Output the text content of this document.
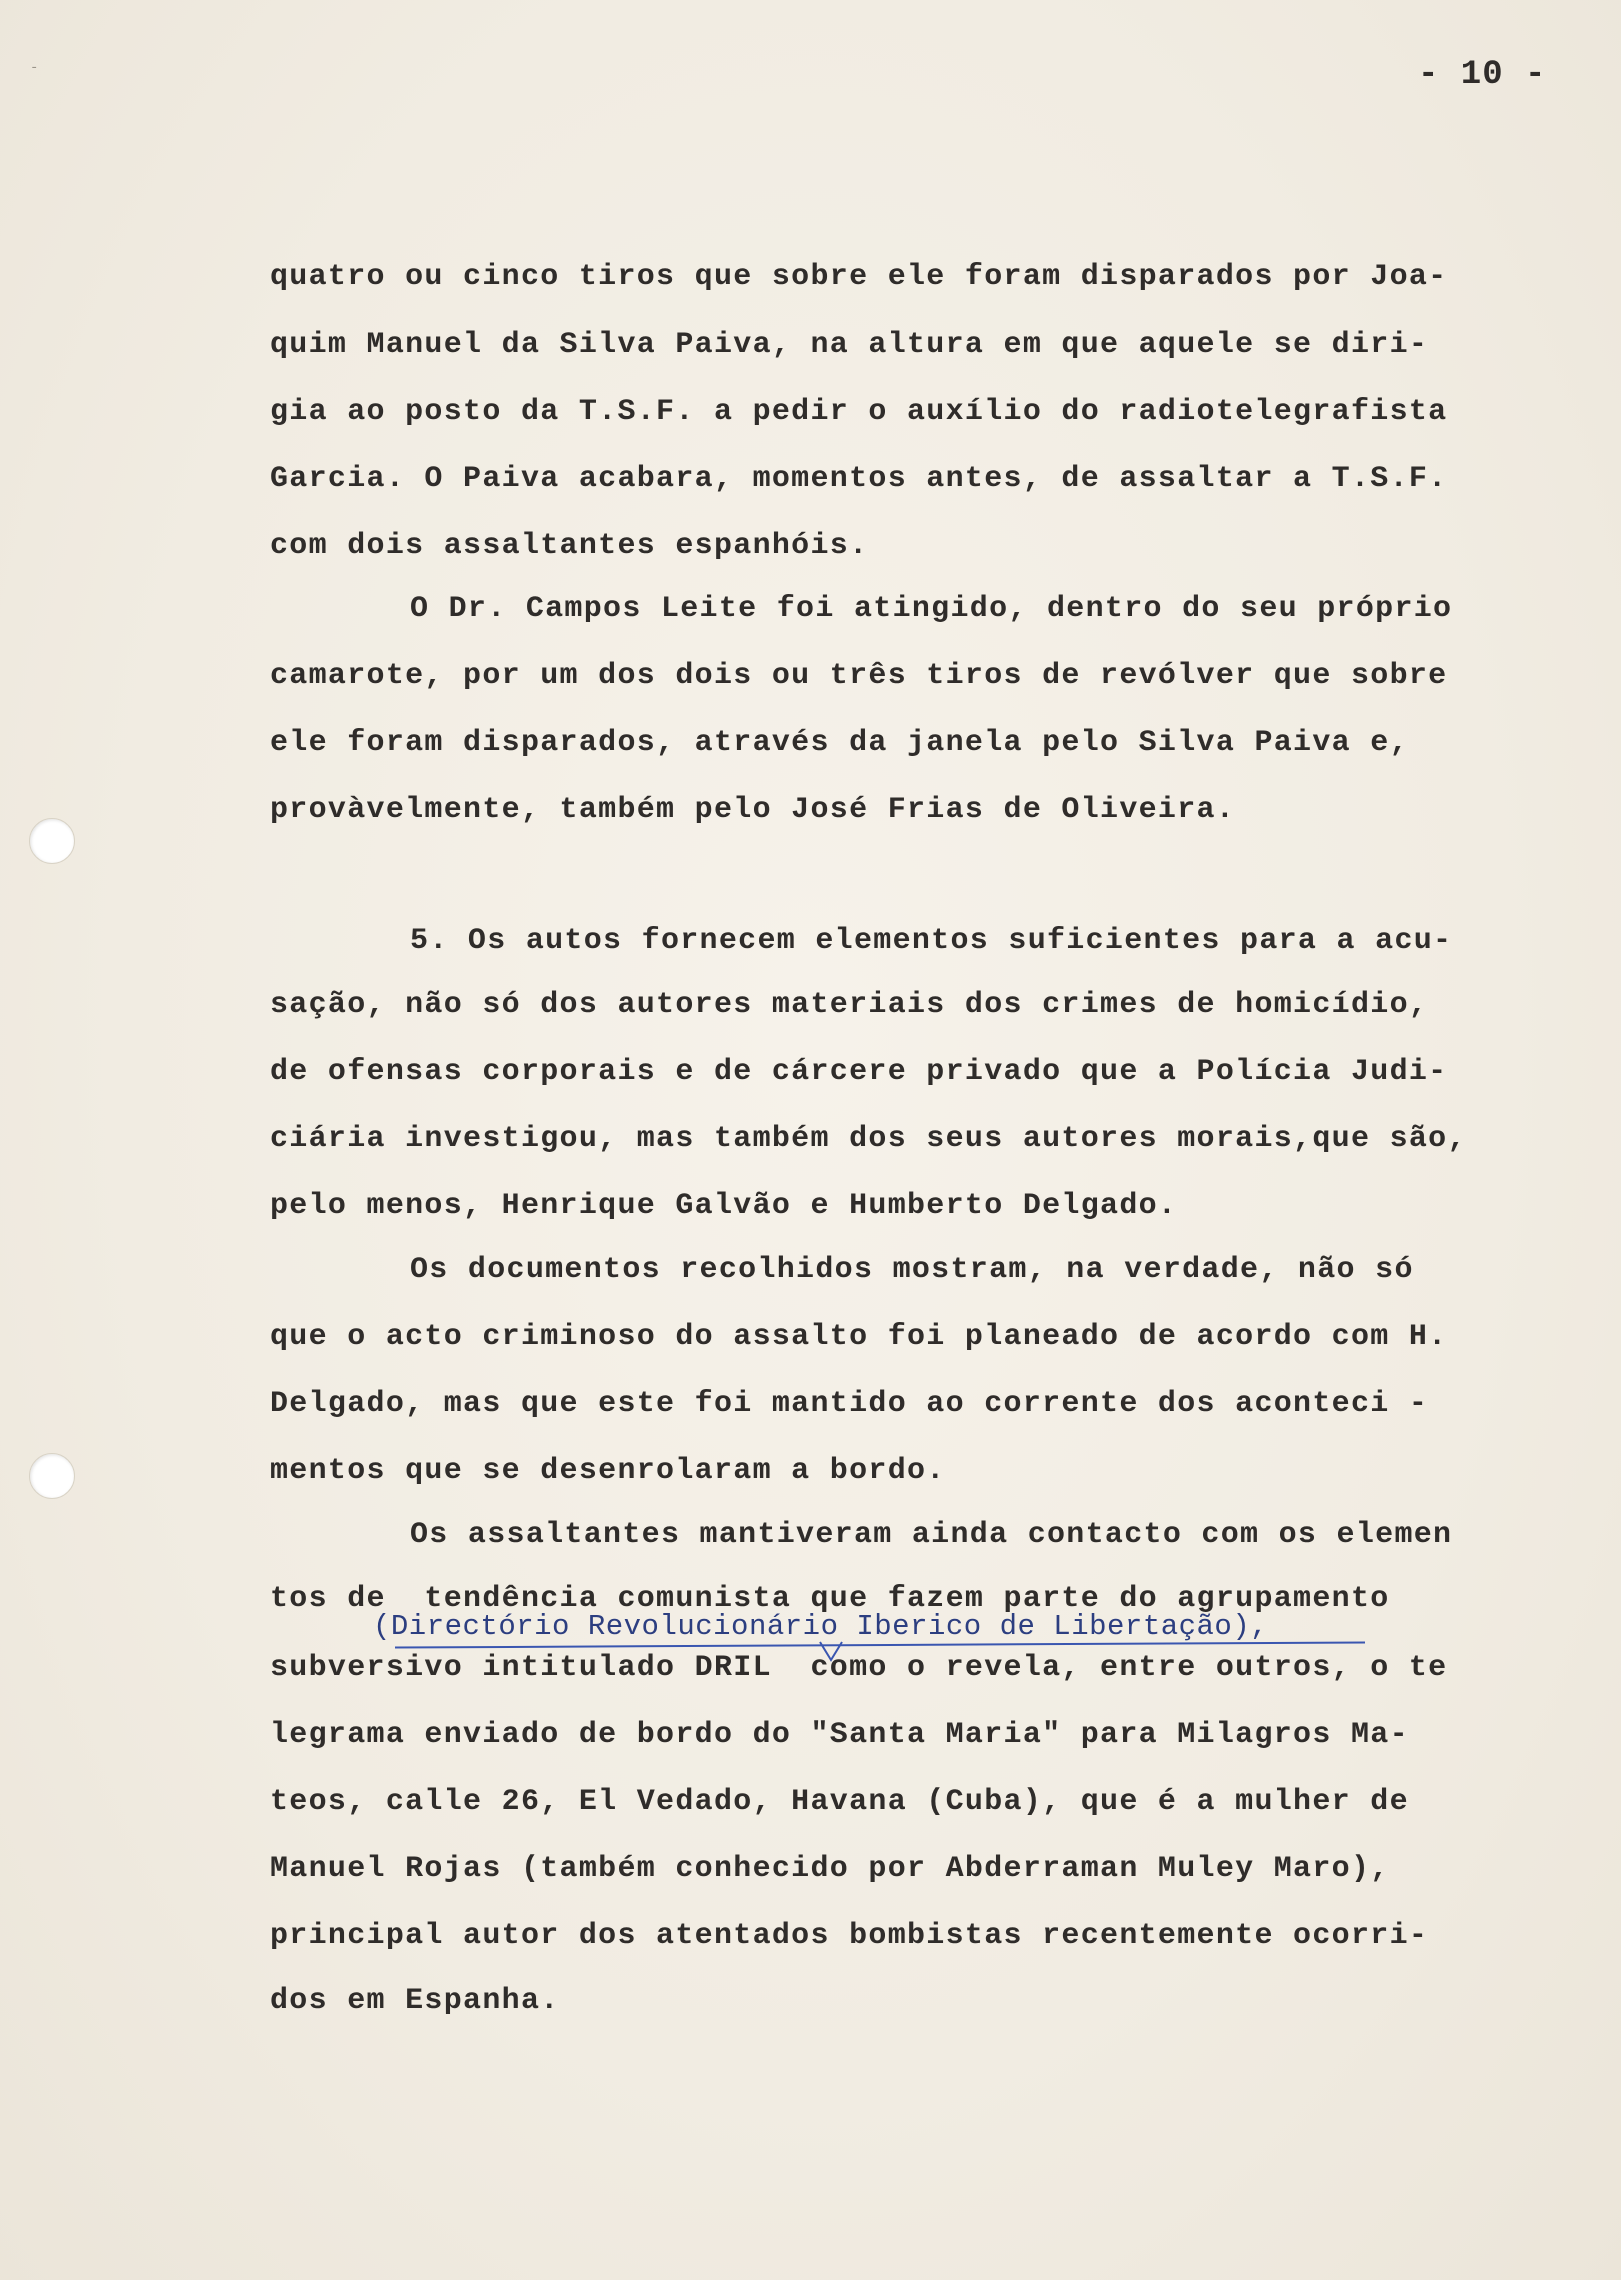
-	- 10 -
quatro ou cinco tiros que sobre ele foram disparados por Joa-
quim Manuel da Silva Paiva, na altura em que aquele se diri-
gia ao posto da T.S.F. a pedir o auxílio do radiotelegrafista
Garcia. O Paiva acabara, momentos antes, de assaltar a T.S.F.
com dois assaltantes espanhóis.
O Dr. Campos Leite foi atingido, dentro do seu próprio
camarote, por um dos dois ou três tiros de revólver que sobre
ele foram disparados, através da janela pelo Silva Paiva e,
provàvelmente, também pelo José Frias de Oliveira.
5. Os autos fornecem elementos suficientes para a acu-
sação, não só dos autores materiais dos crimes de homicídio,
de ofensas corporais e de cárcere privado que a Polícia Judi-
ciária investigou, mas também dos seus autores morais,que são,
pelo menos, Henrique Galvão e Humberto Delgado.
Os documentos recolhidos mostram, na verdade, não só
que o acto criminoso do assalto foi planeado de acordo com H.
Delgado, mas que este foi mantido ao corrente dos aconteci -
mentos que se desenrolaram a bordo.
Os assaltantes mantiveram ainda contacto com os elemen
tos de  tendência comunista que fazem parte do agrupamento
(Directório Revolucionário Iberico de Libertação),
subversivo intitulado DRIL  como o revela, entre outros, o te
legrama enviado de bordo do "Santa Maria" para Milagros Ma-
teos, calle 26, El Vedado, Havana (Cuba), que é a mulher de
Manuel Rojas (também conhecido por Abderraman Muley Maro),
principal autor dos atentados bombistas recentemente ocorri-
dos em Espanha.
